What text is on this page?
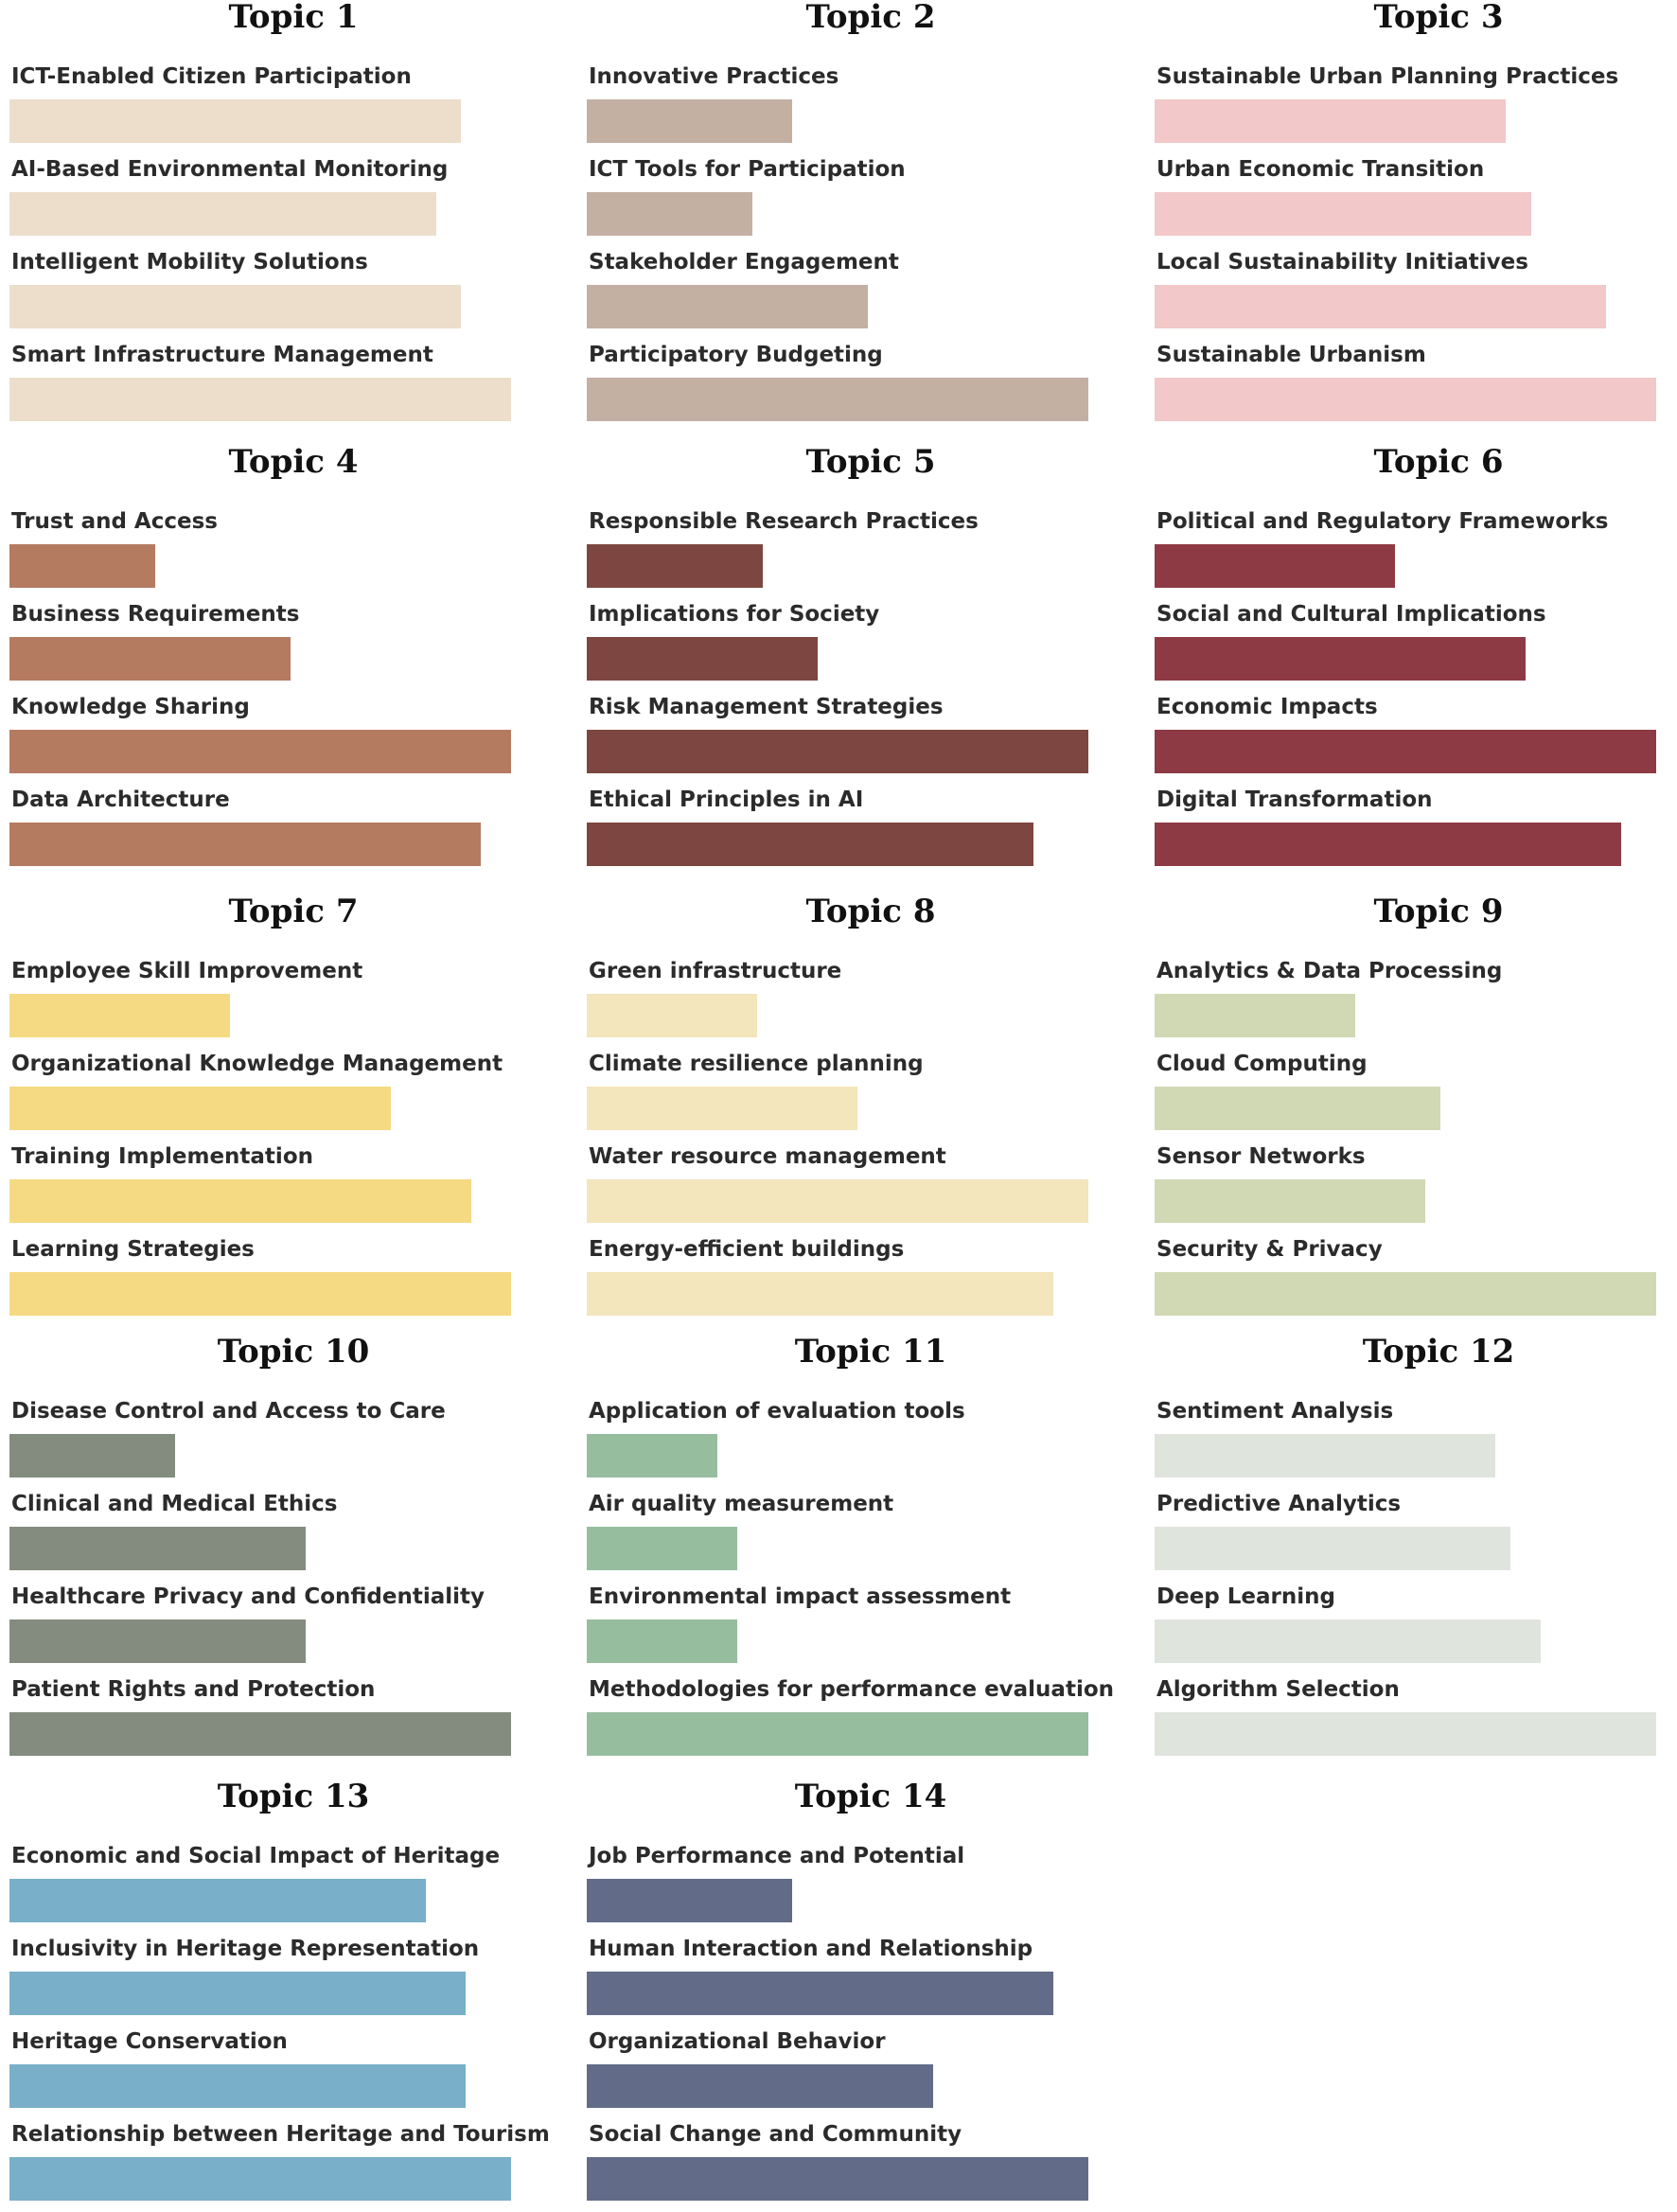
Topic 1
ICT-Enabled Citizen Participation
AI-Based Environmental Monitoring
Intelligent Mobility Solutions
Smart Infrastructure Management
Topic 2
Innovative Practices
ICT Tools for Participation
Stakeholder Engagement
Participatory Budgeting
Topic 3
Sustainable Urban Planning Practices
Urban Economic Transition
Local Sustainability Initiatives
Sustainable Urbanism
Topic 4
Trust and Access
Business Requirements
Knowledge Sharing
Data Architecture
Topic 5
Responsible Research Practices
Implications for Society
Risk Management Strategies
Ethical Principles in AI
Topic 6
Political and Regulatory Frameworks
Social and Cultural Implications
Economic Impacts
Digital Transformation
Topic 7
Employee Skill Improvement
Organizational Knowledge Management
Training Implementation
Learning Strategies
Topic 8
Green infrastructure
Climate resilience planning
Water resource management
Energy-efficient buildings
Topic 9
Analytics & Data Processing
Cloud Computing
Sensor Networks
Security & Privacy
Topic 10
Disease Control and Access to Care
Clinical and Medical Ethics
Healthcare Privacy and Confidentiality
Patient Rights and Protection
Topic 11
Application of evaluation tools
Air quality measurement
Environmental impact assessment
Methodologies for performance evaluation
Topic 12
Sentiment Analysis
Predictive Analytics
Deep Learning
Algorithm Selection
Topic 13
Economic and Social Impact of Heritage
Inclusivity in Heritage Representation
Heritage Conservation
Relationship between Heritage and Tourism
Topic 14
Job Performance and Potential
Human Interaction and Relationship
Organizational Behavior
Social Change and Community
